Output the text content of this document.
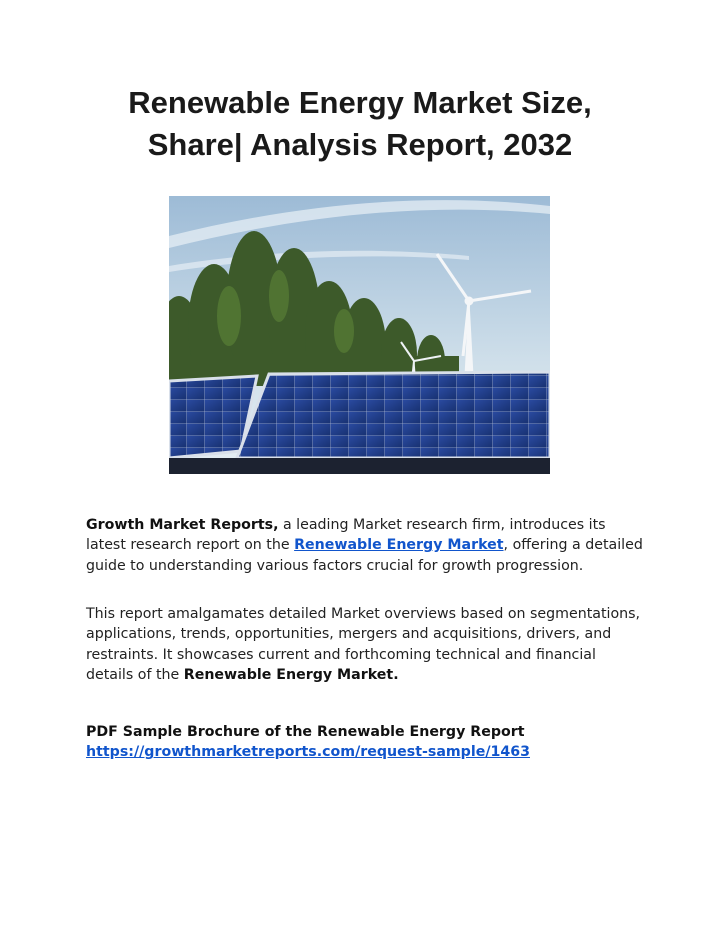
Renewable Energy Market Size,
Share| Analysis Report, 2032

Growth Market Reports, a leading Market research firm, introduces its latest research report on the Renewable Energy Market, offering a detailed guide to understanding various factors crucial for growth progression.

This report amalgamates detailed Market overviews based on segmentations, applications, trends, opportunities, mergers and acquisitions, drivers, and restraints. It showcases current and forthcoming technical and financial details of the Renewable Energy Market.

PDF Sample Brochure of the Renewable Energy Report
https://growthmarketreports.com/request-sample/1463
